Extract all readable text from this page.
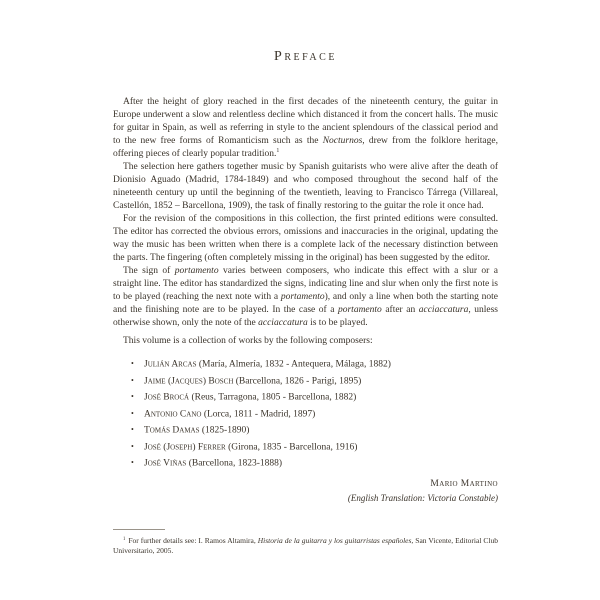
Preface

After the height of glory reached in the first decades of the nineteenth century, the guitar in Europe underwent a slow and relentless decline which distanced it from the concert halls. The music for guitar in Spain, as well as referring in style to the ancient splendours of the classical period and to the new free forms of Romanticism such as the Nocturnos, drew from the folklore heritage, offering pieces of clearly popular tradition.$^1$

The selection here gathers together music by Spanish guitarists who were alive after the death of Dionisio Aguado (Madrid, 1784-1849) and who composed throughout the second half of the nineteenth century up until the beginning of the twentieth, leaving to Francisco Tárrega (Villareal, Castellón, 1852 – Barcellona, 1909), the task of finally restoring to the guitar the role it once had.

For the revision of the compositions in this collection, the first printed editions were consulted. The editor has corrected the obvious errors, omissions and inaccuracies in the original, updating the way the music has been written when there is a complete lack of the necessary distinction between the parts. The fingering (often completely missing in the original) has been suggested by the editor.

The sign of portamento varies between composers, who indicate this effect with a slur or a straight line. The editor has standardized the signs, indicating line and slur when only the first note is to be played (reaching the next note with a portamento), and only a line when both the starting note and the finishing note are to be played. In the case of a portamento after an acciaccatura, unless otherwise shown, only the note of the acciaccatura is to be played.

This volume is a collection of works by the following composers:

• Julián Arcas (María, Almería, 1832 - Antequera, Málaga, 1882)
• Jaime (Jacques) Bosch (Barcellona, 1826 - Parigi, 1895)
• José Brocá (Reus, Tarragona, 1805 - Barcellona, 1882)
• Antonio Cano (Lorca, 1811 - Madrid, 1897)
• Tomás Damas (1825-1890)
• José (Joseph) Ferrer (Girona, 1835 - Barcellona, 1916)
• José Viñas (Barcellona, 1823-1888)
Mario Martino
(English Translation: Victoria Constable)

$^1$ For further details see: I. Ramos Altamira, Historia de la guitarra y los guitarristas españoles, San Vicente, Editorial Club Universitario, 2005.
